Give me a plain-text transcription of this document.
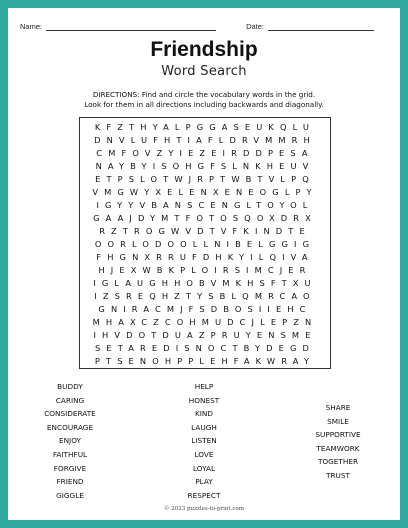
Name:	Date:
Friendship
Word Search
DIRECTIONS: Find and circle the vocabulary words in the grid.
Look for them in all directions including backwards and diagonally.
KFZTHYALPGGASEUKQLU
DNVLUFHTIAFLDRVMMRH
CMFOVZYIEZEIRDDPESA
NAYBYISOHGFSLNKHEUV
ETPSLOTWJRPTWBTVLPQ
VMGWYXELENXENEOGLPY
IGYYVBANSCENGLTOYOL
GAAJDYMTFOTOSQOXDRX
RZTROGWVDTVFKINDTE
OORLODOOLLNIBELGGIG
FHGNXRRUFDHKYILQIVA
HJEXWBKPLOIRSIMCJER
IGLAUGHHOBVMKHSFTXU
IZSREQHZTYSBLQMRCAO
GNIRACMJFSDBOSIIEHC
MHAXCZCOHMUDCJLEPZN
IHVDOTDUAZPRUYENSME
SETAREDISNOCTBYDEGD
PTSENOHPPLEHFAKWRAY
BUDDY
CARING
CONSIDERATE
ENCOURAGE
ENJOY
FAITHFUL
FORGIVE
FRIEND
GIGGLE
HELP
HONEST
KIND
LAUGH
LISTEN
LOVE
LOYAL
PLAY
RESPECT
SHARE
SMILE
SUPPORTIVE
TEAMWORK
TOGETHER
TRUST
© 2023 puzzles-to-print.com
